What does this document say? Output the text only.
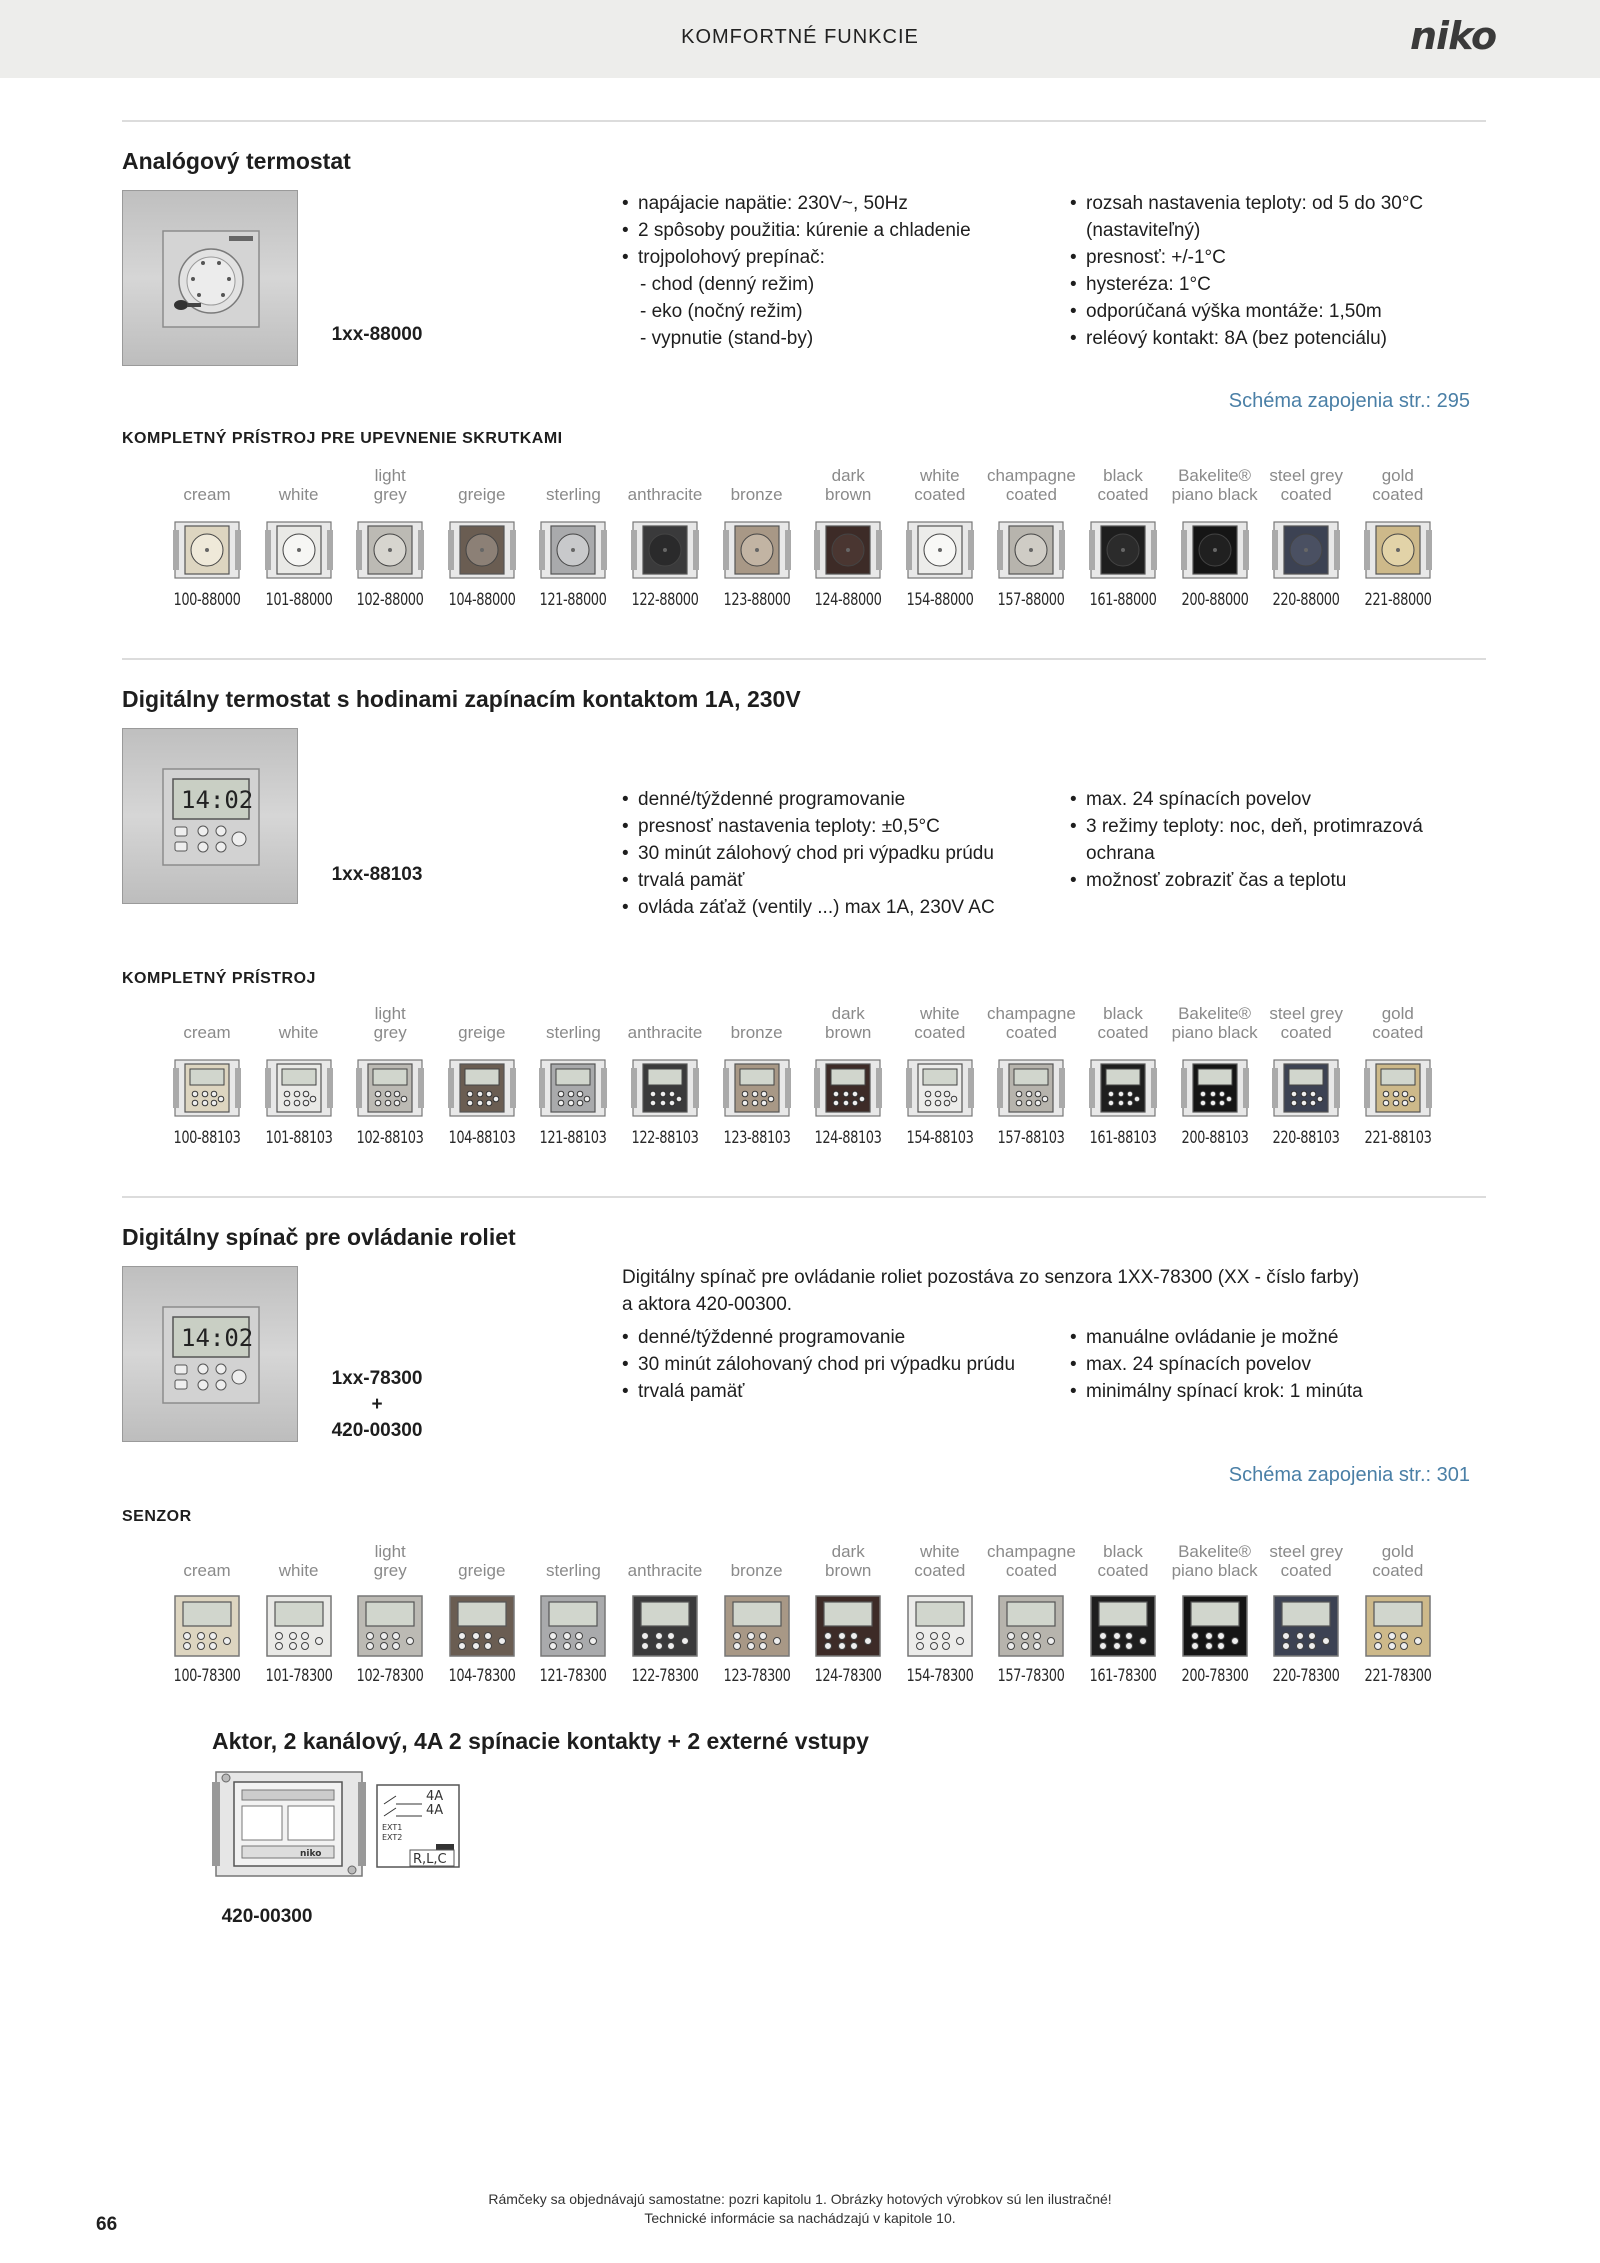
KOMFORTNÉ FUNKCIE	niko
Analógový termostat
1xx-88000
• napájacie napätie: 230V~, 50Hz
• 2 spôsoby použitia: kúrenie a chladenie
• trojpolohový prepínač:
- chod (denný režim)
- eko (nočný režim)
- vypnutie (stand-by)
• rozsah nastavenia teploty: od 5 do 30°C
(nastaviteľný)
• presnosť: +/-1°C
• hysteréza: 1°C
• odporúčaná výška montáže: 1,50m
• reléový kontakt: 8A (bez potenciálu)
Schéma zapojenia str.: 295
KOMPLETNÝ PRÍSTROJ PRE UPEVNENIE SKRUTKAMI
cream
100-88000
white
101-88000
light
grey
102-88000
greige
104-88000
sterling
121-88000
anthracite
122-88000
bronze
123-88000
dark
brown
124-88000
white
coated
154-88000
champagne
coated
157-88000
black
coated
161-88000
Bakelite®
piano black
200-88000
steel grey
coated
220-88000
gold
coated
221-88000
Digitálny termostat s hodinami zapínacím kontaktom 1A, 230V
14:02
1xx-88103
• denné/týždenné programovanie
• presnosť nastavenia teploty: ±0,5°C
• 30 minút zálohový chod pri výpadku prúdu
• trvalá pamäť
• ovláda záťaž (ventily ...) max 1A, 230V AC
• max. 24 spínacích povelov
• 3 režimy teploty: noc, deň, protimrazová
ochrana
• možnosť zobraziť čas a teplotu
KOMPLETNÝ PRÍSTROJ
cream
100-88103
white
101-88103
light
grey
102-88103
greige
104-88103
sterling
121-88103
anthracite
122-88103
bronze
123-88103
dark
brown
124-88103
white
coated
154-88103
champagne
coated
157-88103
black
coated
161-88103
Bakelite®
piano black
200-88103
steel grey
coated
220-88103
gold
coated
221-88103
Digitálny spínač pre ovládanie roliet
14:02
1xx-78300
+
420-00300
Digitálny spínač pre ovládanie roliet pozostáva zo senzora 1XX-78300 (XX - číslo farby)
a aktora 420-00300.
• denné/týždenné programovanie
• 30 minút zálohovaný chod pri výpadku prúdu
• trvalá pamäť
• manuálne ovládanie je možné
• max. 24 spínacích povelov
• minimálny spínací krok: 1 minúta
Schéma zapojenia str.: 301
SENZOR
cream
100-78300
white
101-78300
light
grey
102-78300
greige
104-78300
sterling
121-78300
anthracite
122-78300
bronze
123-78300
dark
brown
124-78300
white
coated
154-78300
champagne
coated
157-78300
black
coated
161-78300
Bakelite®
piano black
200-78300
steel grey
coated
220-78300
gold
coated
221-78300
Aktor, 2 kanálový, 4A 2 spínacie kontakty + 2 externé vstupy
niko
4A
4A
EXT1
EXT2
R,L,C
420-00300
Rámčeky sa objednávajú samostatne: pozri kapitolu 1. Obrázky hotových výrobkov sú len ilustračné!
Technické informácie sa nachádzajú v kapitole 10.
66
